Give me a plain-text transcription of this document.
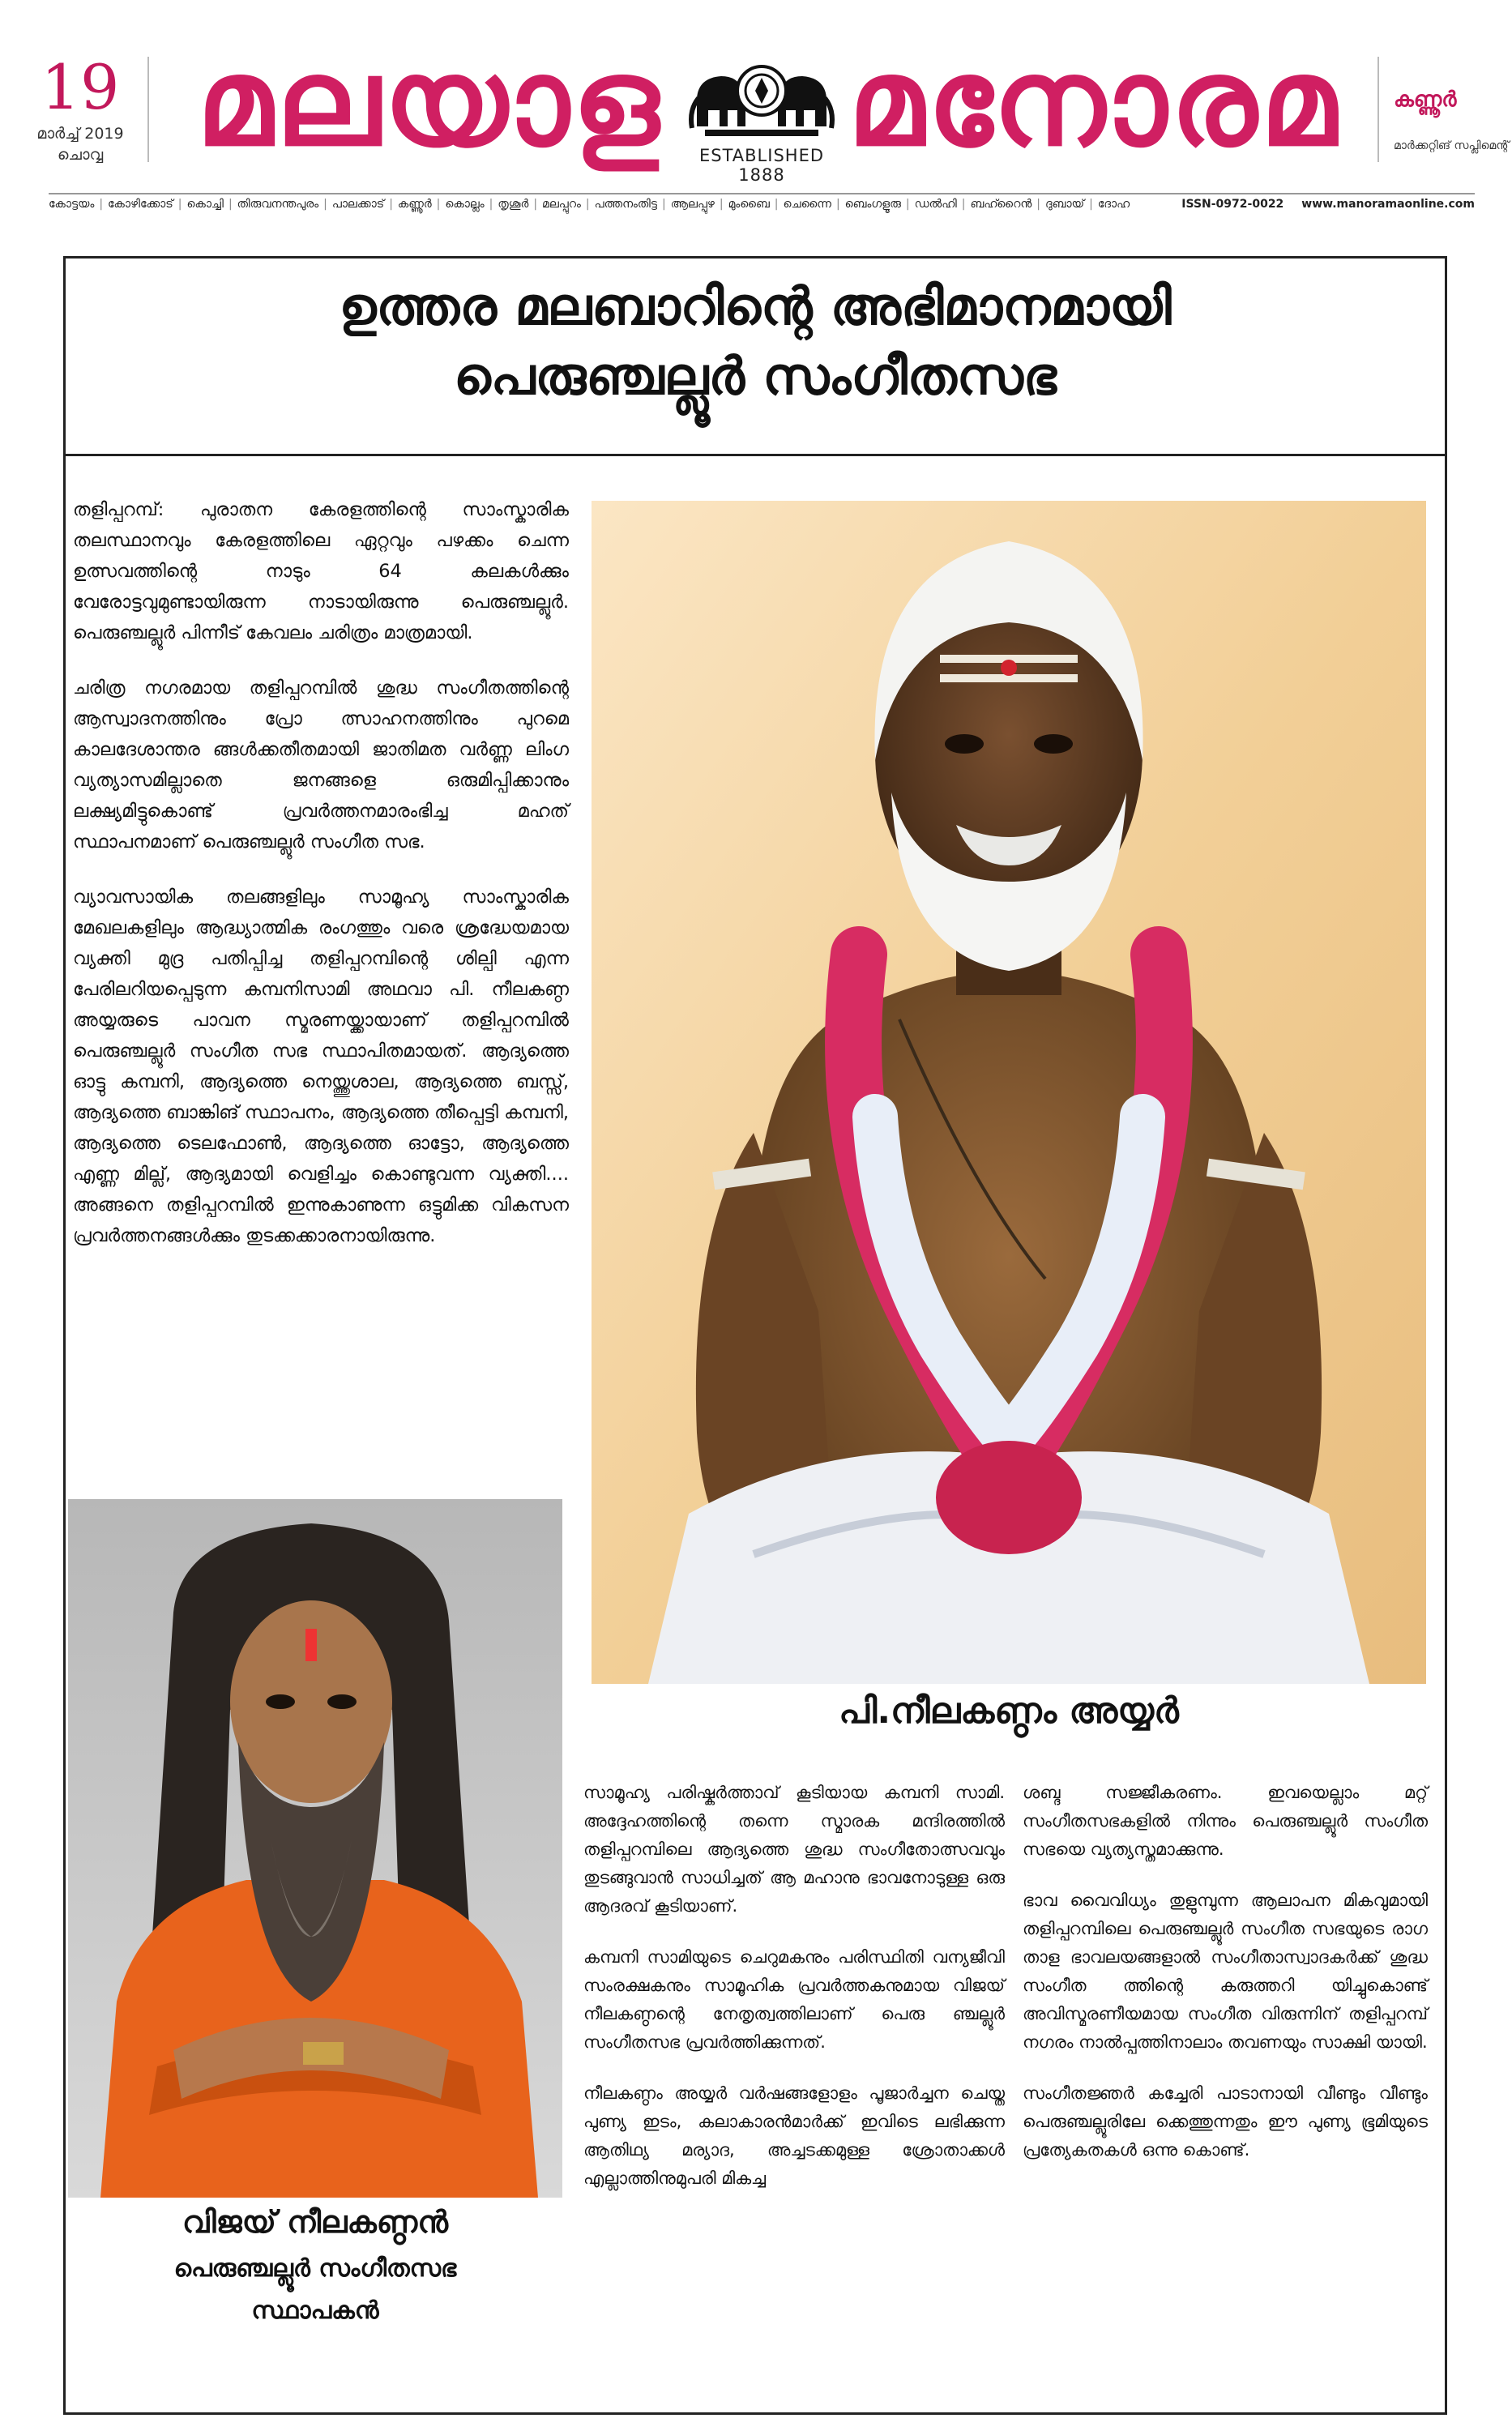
19
മാർച്ച് 2019
ചൊവ്വ മലയാള	ESTABLISHED 1888
മനോരമ	കണ്ണൂർ
മാർക്കറ്റിങ് സപ്ലിമെന്റ്
കോട്ടയം | കോഴിക്കോട് | കൊച്ചി | തിരുവനന്തപുരം | പാലക്കാട് | കണ്ണൂർ | കൊല്ലം | തൃശൂർ | മലപ്പുറം | പത്തനംതിട്ട | ആലപ്പുഴ | മുംബൈ | ചെന്നൈ | ബെംഗളൂരു | ഡൽഹി | ബഹ്റൈൻ | ദുബായ് | ദോഹ	ISSN-0972-0022 www.manoramaonline.com
ഉത്തര മലബാറിന്റെ അഭിമാനമായി
പെരുഞ്ചല്ലൂർ സംഗീതസഭ

തളിപ്പറമ്പ്: പുരാതന കേരളത്തിന്റെ സാംസ്കാരിക തലസ്ഥാനവും കേരളത്തിലെ ഏറ്റവും പഴക്കം ചെന്ന ഉത്സവത്തിന്റെ നാടും 64 കലകൾക്കും വേരോട്ടവുമുണ്ടായിരുന്ന നാടായിരുന്നു പെരുഞ്ചല്ലൂർ. പെരുഞ്ചല്ലൂർ പിന്നീട് കേവലം ചരിത്രം മാത്രമായി.

ചരിത്ര നഗരമായ തളിപ്പറമ്പിൽ ശുദ്ധ സംഗീതത്തിന്റെ ആസ്വാദനത്തിനും പ്രോ ത്സാഹനത്തിനും പുറമെ കാലദേശാന്തര ങ്ങൾക്കതീതമായി ജാതിമത വർണ്ണ ലിംഗ വ്യത്യാസമില്ലാതെ ജനങ്ങളെ ഒരുമിപ്പിക്കാനും ലക്ഷ്യമിട്ടുകൊണ്ട് പ്രവർത്തനമാരംഭിച്ച മഹത് സ്ഥാപനമാണ് പെരുഞ്ചല്ലൂർ സംഗീത സഭ.

വ്യാവസായിക തലങ്ങളിലും സാമൂഹ്യ സാംസ്കാരിക മേഖലകളിലും ആദ്ധ്യാത്മിക രംഗത്തും വരെ ശ്രദ്ധേയമായ വ്യക്തി മുദ്ര പതിപ്പിച്ച തളിപ്പറമ്പിന്റെ ശില്പി എന്ന പേരിലറിയപ്പെടുന്ന കമ്പനിസാമി അഥവാ പി. നീലകണ്ഠ അയ്യരുടെ പാവന സ്മരണയ്ക്കായാണ് തളിപ്പറമ്പിൽ പെരുഞ്ചല്ലൂർ സംഗീത സഭ സ്ഥാപിതമായത്. ആദ്യത്തെ ഓട്ടു കമ്പനി, ആദ്യത്തെ നെയ്ത്തുശാല, ആദ്യത്തെ ബസ്സ്, ആദ്യത്തെ ബാങ്കിങ് സ്ഥാപനം, ആദ്യത്തെ തീപ്പെട്ടി കമ്പനി, ആദ്യത്തെ ടെലഫോൺ, ആദ്യത്തെ ഓട്ടോ, ആദ്യത്തെ എണ്ണ മില്ല്, ആദ്യമായി വെളിച്ചം കൊണ്ടുവന്ന വ്യക്തി.... അങ്ങനെ തളിപ്പറമ്പിൽ ഇന്നുകാണുന്ന ഒട്ടുമിക്ക വികസന പ്രവർത്തനങ്ങൾക്കും തുടക്കക്കാരനായിരുന്നു.

പി.നീലകണ്ഠം അയ്യർ
വിജയ് നീലകണ്ഠൻ
പെരുഞ്ചല്ലൂർ സംഗീതസഭ
സ്ഥാപകൻ

സാമൂഹ്യ പരിഷ്കർത്താവ് കൂടിയായ കമ്പനി സാമി. അദ്ദേഹത്തിന്റെ തന്നെ സ്മാരക മന്ദിരത്തിൽ തളിപ്പറമ്പിലെ ആദ്യത്തെ ശുദ്ധ സംഗീതോത്സവവും തുടങ്ങുവാൻ സാധിച്ചത് ആ മഹാനു ഭാവനോടുള്ള ഒരു ആദരവ് കൂടിയാണ്.

കമ്പനി സാമിയുടെ ചെറുമകനും പരിസ്ഥിതി വന്യജീവി സംരക്ഷകനും സാമൂഹിക പ്രവർത്തകനുമായ വിജയ് നീലകണ്ഠന്റെ നേതൃത്വത്തിലാണ് പെരു ഞ്ചല്ലൂർ സംഗീതസഭ പ്രവർത്തിക്കുന്നത്.

നീലകണ്ഠം അയ്യർ വർഷങ്ങളോളം പൂജാർച്ചന ചെയ്ത പുണ്യ ഇടം, കലാകാരൻമാർക്ക് ഇവിടെ ലഭിക്കുന്ന ആതിഥ്യ മര്യാദ, അച്ചടക്കമുള്ള ശ്രോതാക്കൾ എല്ലാത്തിനുമുപരി മികച്ച

ശബ്ദ സജ്ജീകരണം. ഇവയെല്ലാം മറ്റ് സംഗീതസഭകളിൽ നിന്നും പെരുഞ്ചല്ലൂർ സംഗീത സഭയെ വ്യത്യസ്തമാക്കുന്നു.

ഭാവ വൈവിധ്യം തുളുമ്പുന്ന ആലാപന മികവുമായി തളിപ്പറമ്പിലെ പെരുഞ്ചല്ലൂർ സംഗീത സഭയുടെ രാഗ താള ഭാവലയങ്ങളാൽ സംഗീതാസ്വാദകർക്ക് ശുദ്ധ സംഗീത ത്തിന്റെ കരുത്തറി യിച്ചുകൊണ്ട് അവിസ്മരണീയമായ സംഗീത വിരുന്നിന് തളിപ്പറമ്പ് നഗരം നാൽപ്പത്തിനാലാം തവണയും സാക്ഷി യായി.

സംഗീതജ്ഞർ കച്ചേരി പാടാനായി വീണ്ടും വീണ്ടും പെരുഞ്ചല്ലൂരിലേ ക്കെത്തുന്നതും ഈ പുണ്യ ഭൂമിയുടെ പ്രത്യേകതകൾ ഒന്നു കൊണ്ട്.
